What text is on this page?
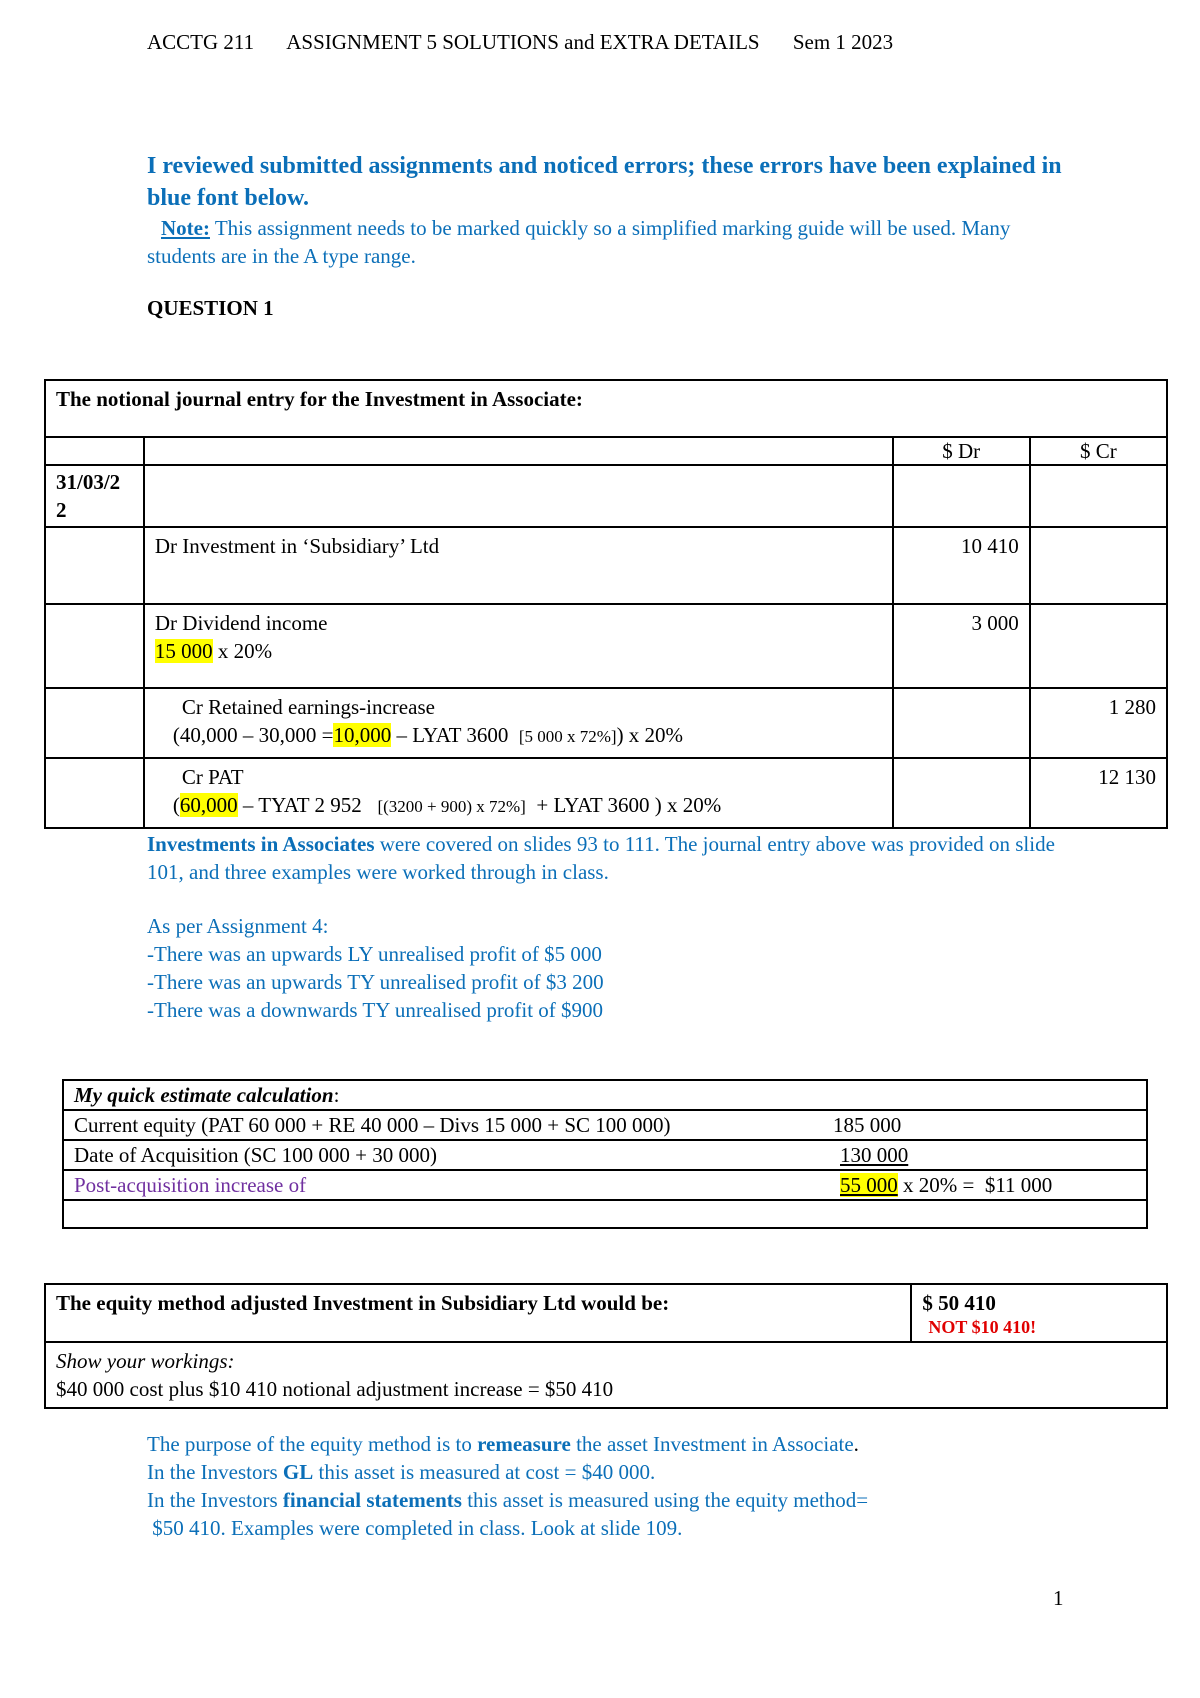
ACCTG 211 ASSIGNMENT 5 SOLUTIONS and EXTRA DETAILS Sem 1 2023
I reviewed submitted assignments and noticed errors; these errors have been explained in blue font below.
Note: This assignment needs to be marked quickly so a simplified marking guide will be used. Many students are in the A type range.
QUESTION 1
The notional journal entry for the Investment in Associate:			
		$ Dr	$ Cr
31/03/2
2			
	Dr Investment in ‘Subsidiary’ Ltd	10 410	

	Dr Dividend income
15 000 x 20%	3 000	

	Cr Retained earnings-increase
(40,000 – 30,000 =10,000 – LYAT 3600  [5 000 x 72%]) x 20%		1 280

	Cr PAT
(60,000 – TYAT 2 952   [(3200 + 900) x 72%]  + LYAT 3600 ) x 20%		12 130
Investments in Associates were covered on slides 93 to 111. The journal entry above was provided on slide 101, and three examples were worked through in class.
As per Assignment 4:
-There was an upwards LY unrealised profit of $5 000
-There was an upwards TY unrealised profit of $3 200
-There was a downwards TY unrealised profit of $900
My quick estimate calculation:
Current equity (PAT 60 000 + RE 40 000 – Divs 15 000 + SC 100 000)	185 000

Date of Acquisition (SC 100 000 + 30 000)	130 000

Post-acquisition increase of	55 000 x 20% =  $11 000

The equity method adjusted Investment in Subsidiary Ltd would be:	$ 50 410
NOT $10 410!

Show your workings:
$40 000 cost plus $10 410 notional adjustment increase = $50 410
The purpose of the equity method is to remeasure the asset Investment in Associate.
In the Investors GL this asset is measured at cost = $40 000.
In the Investors financial statements this asset is measured using the equity method=
$50 410. Examples were completed in class. Look at slide 109.
1
